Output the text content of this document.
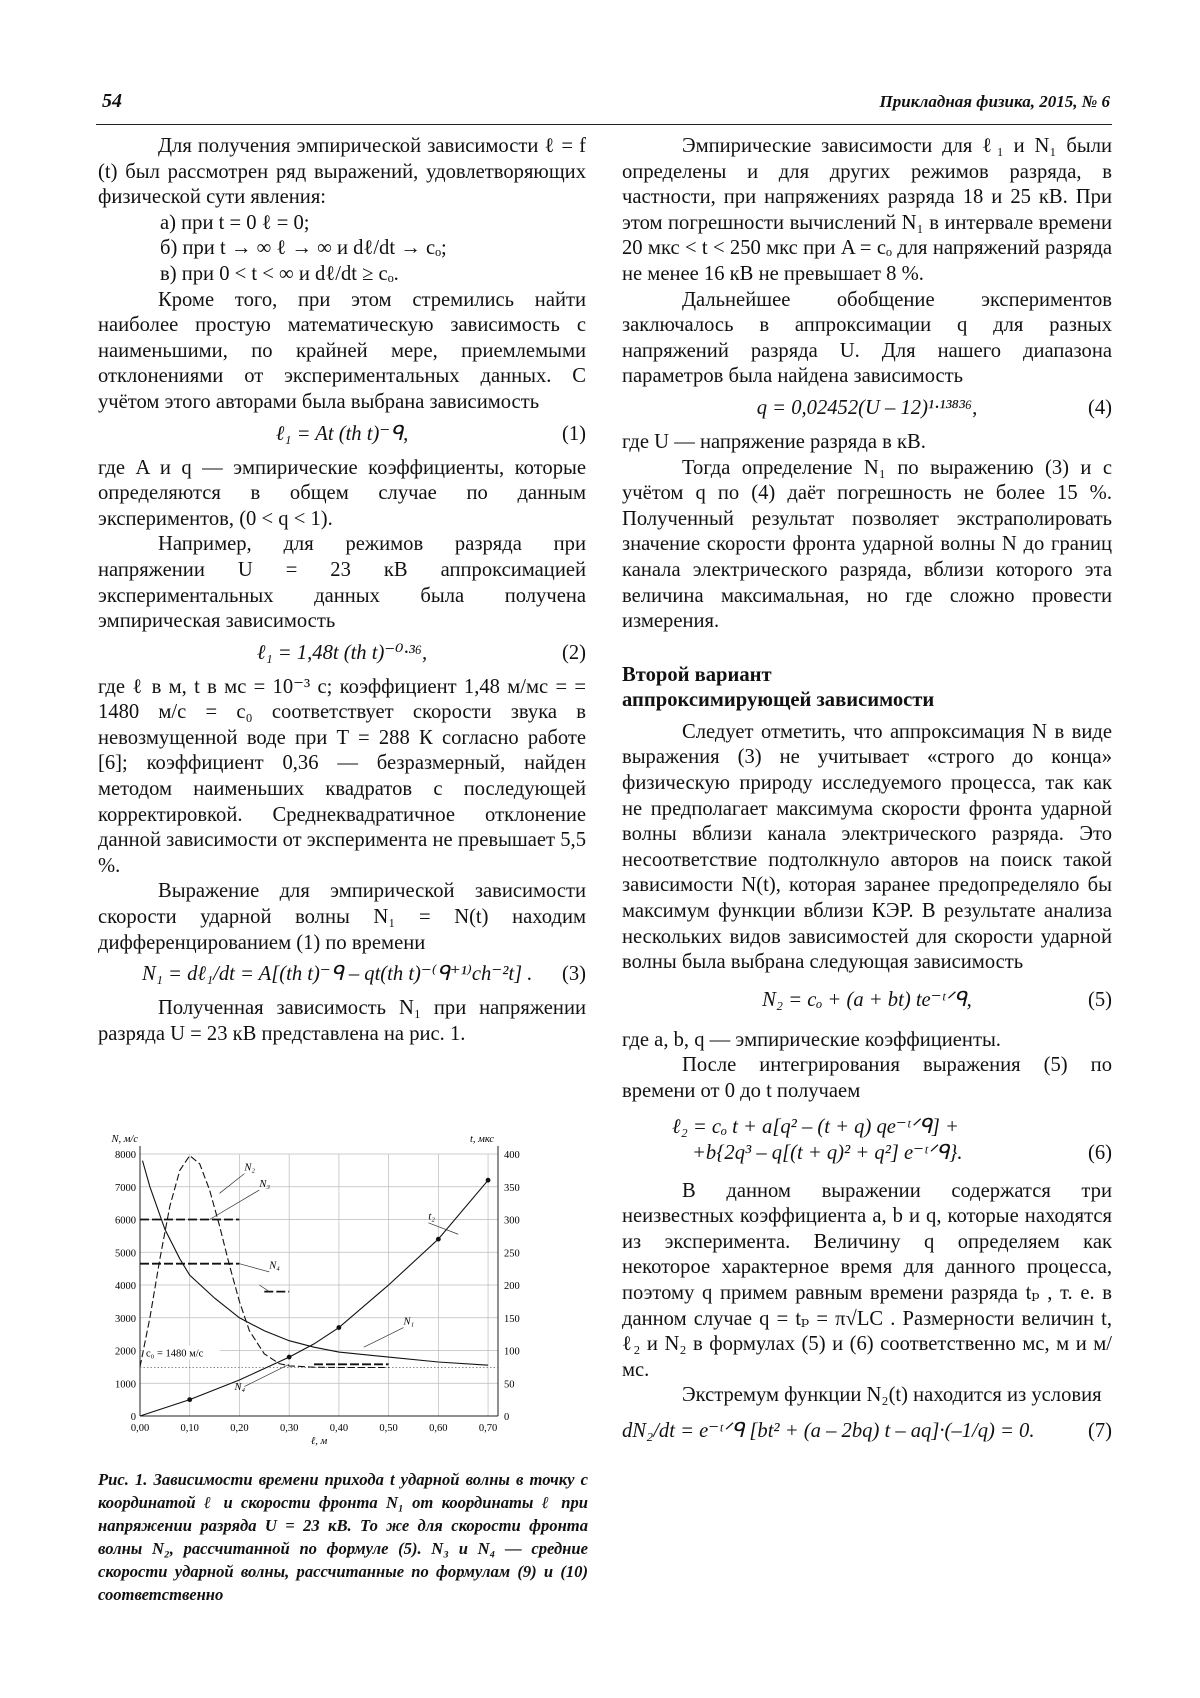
54	Прикладная физика, 2015, № 6

Для получения эмпирической зависимости ℓ = f (t) был рассмотрен ряд выражений, удовлетворяющих физической сути явления:

а) при t = 0 ℓ = 0;

б) при t → ∞ ℓ → ∞ и dℓ/dt → cₒ;

в) при 0 < t < ∞ и dℓ/dt ≥ cₒ.

Кроме того, при этом стремились найти наиболее простую математическую зависимость с наименьшими, по крайней мере, приемлемыми отклонениями от экспериментальных данных. С учётом этого авторами была выбрана зависимость

ℓ₁ = At (th t)⁻ᑫ,	(1)

где A и q — эмпирические коэффициенты, которые определяются в общем случае по данным экспериментов, (0 < q < 1).

Например, для режимов разряда при напряжении U = 23 кВ аппроксимацией экспериментальных данных была получена эмпирическая зависимость

ℓ₁ = 1,48t (th t)⁻⁰·³⁶,	(2)

где ℓ в м, t в мс = 10⁻³ с; коэффициент 1,48 м/мс = = 1480 м/с = c₀ соответствует скорости звука в невозмущенной воде при T = 288 К согласно работе [6]; коэффициент 0,36 — безразмерный, найден методом наименьших квадратов с последующей корректировкой. Среднеквадратичное отклонение данной зависимости от эксперимента не превышает 5,5 %.

Выражение для эмпирической зависимости скорости ударной волны N₁ = N(t) находим дифференцированием (1) по времени

N₁ = dℓ₁/dt = A[(th t)⁻ᑫ – qt(th t)⁻⁽ᑫ⁺¹⁾ch⁻²t] .	(3)

Полученная зависимость N₁ при напряжении разряда U = 23 кВ представлена на рис. 1.

0
1000
2000
3000
4000
5000
6000
7000
8000
0
50
100
150
200
250
300
350
400
0,00	0,10	0,20	0,30	0,40	0,50	0,60	0,70
N, м/с	t, мкс
ℓ, м
c₀ = 1480 м/с
N₂
N₃
t₂
N₄
N₁
N₄
Рис. 1. Зависимости времени прихода t ударной волны в точку с координатой ℓ и скорости фронта N₁ от координаты ℓ при напряжении разряда U = 23 кВ. То же для скорости фронта волны N₂, рассчитанной по формуле (5). N₃ и N₄ — средние скорости ударной волны, рассчитанные по формулам (9) и (10) соответственно

Эмпирические зависимости для ℓ₁ и N₁ были определены и для других режимов разряда, в частности, при напряжениях разряда 18 и 25 кВ. При этом погрешности вычислений N₁ в интервале времени 20 мкс < t < 250 мкс при A = cₒ для напряжений разряда не менее 16 кВ не превышает 8 %.

Дальнейшее обобщение экспериментов заключалось в аппроксимации q для разных напряжений разряда U. Для нашего диапазона параметров была найдена зависимость

q = 0,02452(U – 12)¹·¹³⁸³⁶,	(4)

где U — напряжение разряда в кВ.

Тогда определение N₁ по выражению (3) и с учётом q по (4) даёт погрешность не более 15 %. Полученный результат позволяет экстраполировать значение скорости фронта ударной волны N до границ канала электрического разряда, вблизи которого эта величина максимальная, но где сложно провести измерения.

Второй вариант

аппроксимирующей зависимости

Следует отметить, что аппроксимация N в виде выражения (3) не учитывает «строго до конца» физическую природу исследуемого процесса, так как не предполагает максимума скорости фронта ударной волны вблизи канала электрического разряда. Это несоответствие подтолкнуло авторов на поиск такой зависимости N(t), которая заранее предопределяло бы максимум функции вблизи КЭР. В результате анализа нескольких видов зависимостей для скорости ударной волны была выбрана следующая зависимость

N₂ = cₒ + (a + bt) te⁻ᵗᐟᑫ,	(5)

где a, b, q — эмпирические коэффициенты.

После интегрирования выражения (5) по времени от 0 до t получаем

ℓ₂ = cₒ t + a[q² – (t + q) qe⁻ᵗᐟᑫ] +
+b{2q³ – q[(t + q)² + q²] e⁻ᵗᐟᑫ}.	(6)

В данном выражении содержатся три неизвестных коэффициента a, b и q, которые находятся из эксперимента. Величину q определяем как некоторое характерное время для данного процесса, поэтому q примем равным времени разряда tₚ , т. е. в данном случае q = tₚ = π√LC . Размерности величин t, ℓ₂ и N₂ в формулах (5) и (6) соответственно мс, м и м/мс.

Экстремум функции N₂(t) находится из условия

dN₂/dt = e⁻ᵗᐟᑫ [bt² + (a – 2bq) t – aq]·(–1/q) = 0.	(7)
